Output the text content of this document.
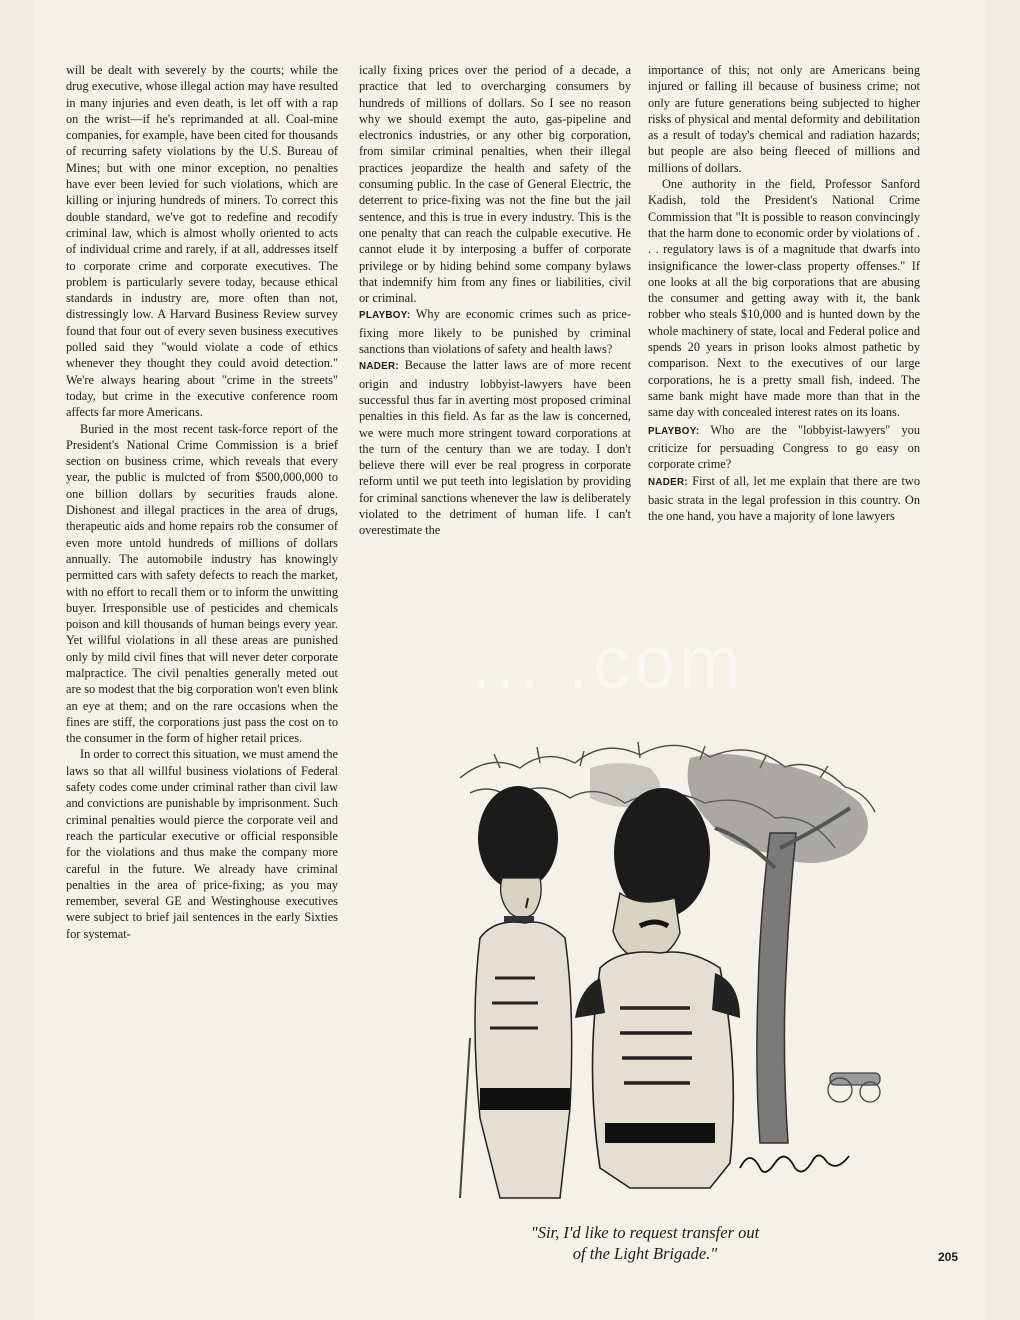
will be dealt with severely by the courts; while the drug executive, whose illegal action may have resulted in many injuries and even death, is let off with a rap on the wrist—if he's reprimanded at all. Coal-mine companies, for example, have been cited for thousands of recurring safety violations by the U.S. Bureau of Mines; but with one minor exception, no penalties have ever been levied for such violations, which are killing or injuring hundreds of miners. To correct this double standard, we've got to redefine and recodify criminal law, which is almost wholly oriented to acts of individual crime and rarely, if at all, addresses itself to corporate crime and corporate executives. The problem is particularly severe today, because ethical standards in industry are, more often than not, distressingly low. A Harvard Business Review survey found that four out of every seven business executives polled said they "would violate a code of ethics whenever they thought they could avoid detection." We're always hearing about "crime in the streets" today, but crime in the executive conference room affects far more Americans.

Buried in the most recent task-force report of the President's National Crime Commission is a brief section on business crime, which reveals that every year, the public is mulcted of from $500,000,000 to one billion dollars by securities frauds alone. Dishonest and illegal practices in the area of drugs, therapeutic aids and home repairs rob the consumer of even more untold hundreds of millions of dollars annually. The automobile industry has knowingly permitted cars with safety defects to reach the market, with no effort to recall them or to inform the unwitting buyer. Irresponsible use of pesticides and chemicals poison and kill thousands of human beings every year. Yet willful violations in all these areas are punished only by mild civil fines that will never deter corporate malpractice. The civil penalties generally meted out are so modest that the big corporation won't even blink an eye at them; and on the rare occasions when the fines are stiff, the corporations just pass the cost on to the consumer in the form of higher retail prices.

In order to correct this situation, we must amend the laws so that all willful business violations of Federal safety codes come under criminal rather than civil law and convictions are punishable by imprisonment. Such criminal penalties would pierce the corporate veil and reach the particular executive or official responsible for the violations and thus make the company more careful in the future. We already have criminal penalties in the area of price-fixing; as you may remember, several GE and Westinghouse executives were subject to brief jail sentences in the early Sixties for systemat-

ically fixing prices over the period of a decade, a practice that led to overcharging consumers by hundreds of millions of dollars. So I see no reason why we should exempt the auto, gas-pipeline and electronics industries, or any other big corporation, from similar criminal penalties, when their illegal practices jeopardize the health and safety of the consuming public. In the case of General Electric, the deterrent to price-fixing was not the fine but the jail sentence, and this is true in every industry. This is the one penalty that can reach the culpable executive. He cannot elude it by interposing a buffer of corporate privilege or by hiding behind some company bylaws that indemnify him from any fines or liabilities, civil or criminal.

PLAYBOY: Why are economic crimes such as price-fixing more likely to be punished by criminal sanctions than violations of safety and health laws?

NADER: Because the latter laws are of more recent origin and industry lobbyist-lawyers have been successful thus far in averting most proposed criminal penalties in this field. As far as the law is concerned, we were much more stringent toward corporations at the turn of the century than we are today. I don't believe there will ever be real progress in corporate reform until we put teeth into legislation by providing for criminal sanctions whenever the law is deliberately violated to the detriment of human life. I can't overestimate the

importance of this; not only are Americans being injured or falling ill because of business crime; not only are future generations being subjected to higher risks of physical and mental deformity and debilitation as a result of today's chemical and radiation hazards; but people are also being fleeced of millions and millions of dollars.

One authority in the field, Professor Sanford Kadish, told the President's National Crime Commission that "It is possible to reason convincingly that the harm done to economic order by violations of . . . regulatory laws is of a magnitude that dwarfs into insignificance the lower-class property offenses." If one looks at all the big corporations that are abusing the consumer and getting away with it, the bank robber who steals $10,000 and is hunted down by the whole machinery of state, local and Federal police and spends 20 years in prison looks almost pathetic by comparison. Next to the executives of our large corporations, he is a pretty small fish, indeed. The same bank might have made more than that in the same day with concealed interest rates on its loans.

PLAYBOY: Who are the "lobbyist-lawyers" you criticize for persuading Congress to go easy on corporate crime?

NADER: First of all, let me explain that there are two basic strata in the legal profession in this country. On the one hand, you have a majority of lone lawyers

... .com
"Sir, I'd like to request transfer out
of the Light Brigade."	205
